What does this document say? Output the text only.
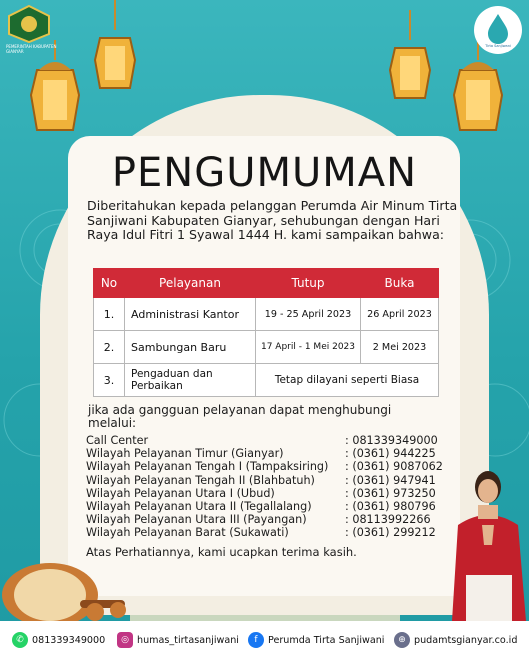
PEMERINTAH KABUPATEN GIANYAR
Tirta Sanjiwani
PENGUMUMAN
Diberitahukan kepada pelanggan Perumda Air Minum Tirta Sanjiwani Kabupaten Gianyar, sehubungan dengan Hari Raya Idul Fitri 1 Syawal 1444 H. kami sampaikan bahwa:
No	Pelayanan	Tutup	Buka
1.	Administrasi Kantor	19 - 25 April 2023	26 April 2023
2.	Sambungan Baru	17 April - 1 Mei 2023	2 Mei 2023
3.	Pengaduan dan Perbaikan	Tetap dilayani seperti Biasa	
jika ada gangguan pelayanan dapat menghubungi melalui:
Call Center	: 081339349000
Wilayah Pelayanan Timur (Gianyar)	: (0361) 944225
Wilayah Pelayanan Tengah I (Tampaksiring) : (0361) 9087062
Wilayah Pelayanan Tengah II (Blahbatuh)	: (0361) 947941
Wilayah Pelayanan Utara I (Ubud)	: (0361) 973250
Wilayah Pelayanan Utara II (Tegallalang)	: (0361) 980796
Wilayah Pelayanan Utara III (Payangan)	: 08113992266
Wilayah Pelayanan Barat (Sukawati)	: (0361) 299212
Atas Perhatiannya, kami ucapkan terima kasih.
✆ 081339349000	◎ humas_tirtasanjiwani	f	Perumda Tirta Sanjiwani	⊕ pudamtsgianyar.co.id
